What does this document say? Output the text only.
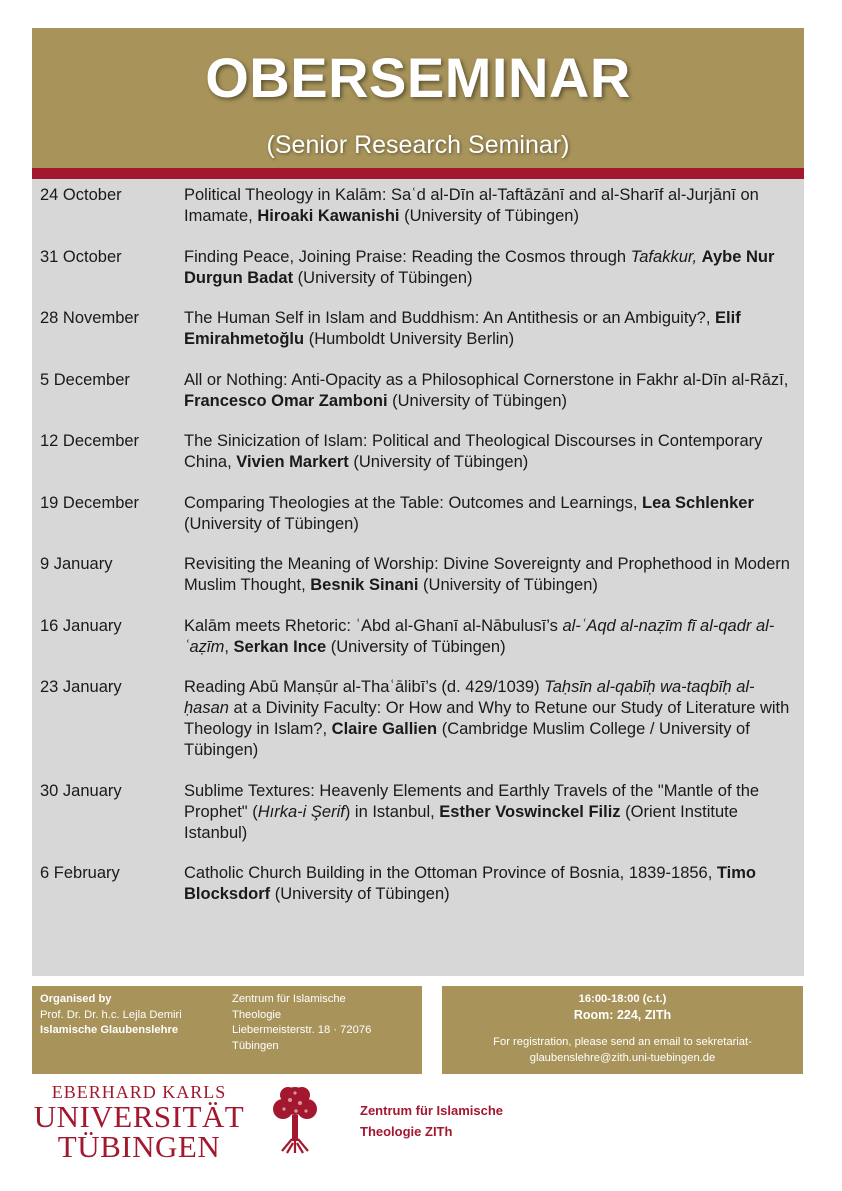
OBERSEMINAR
(Senior Research Seminar)
24 October	Political Theology in Kalām: Saʿd al-Dīn al-Taftāzānī and al-Sharīf al-Jurjānī on Imamate, Hiroaki Kawanishi (University of Tübingen)
31 October	Finding Peace, Joining Praise: Reading the Cosmos through Tafakkur, Aybe Nur Durgun Badat (University of Tübingen)
28 November	The Human Self in Islam and Buddhism: An Antithesis or an Ambiguity?, Elif Emirahmetoğlu (Humboldt University Berlin)
5 December	All or Nothing: Anti-Opacity as a Philosophical Cornerstone in Fakhr al-Dīn al-Rāzī, Francesco Omar Zamboni (University of Tübingen)
12 December	The Sinicization of Islam: Political and Theological Discourses in Contemporary China, Vivien Markert (University of Tübingen)
19 December	Comparing Theologies at the Table: Outcomes and Learnings, Lea Schlenker (University of Tübingen)
9 January	Revisiting the Meaning of Worship: Divine Sovereignty and Prophethood in Modern Muslim Thought, Besnik Sinani (University of Tübingen)
16 January	Kalām meets Rhetoric: ʿAbd al-Ghanī al-Nābulusī’s al-ʿAqd al-naẓīm fī al-qadr al-ʿaẓīm, Serkan Ince (University of Tübingen)
23 January	Reading Abū Manṣūr al-Thaʿālibī’s (d. 429/1039) Taḥsīn al-qabīḥ wa-taqbīḥ al-ḥasan at a Divinity Faculty: Or How and Why to Retune our Study of Literature with Theology in Islam?, Claire Gallien (Cambridge Muslim College / University of Tübingen)
30 January	Sublime Textures: Heavenly Elements and Earthly Travels of the "Mantle of the Prophet" (Hırka-i Şerif) in Istanbul, Esther Voswinckel Filiz (Orient Institute Istanbul)
6 February	Catholic Church Building in the Ottoman Province of Bosnia, 1839-1856, Timo Blocksdorf (University of Tübingen)
Organised by
Prof. Dr. Dr. h.c. Lejla Demiri
Islamische Glaubenslehre
Zentrum für Islamische
Theologie
Liebermeisterstr. 18 · 72076
Tübingen
16:00-18:00 (c.t.)
Room: 224, ZITh
For registration, please send an email to sekretariat-glaubenslehre@zith.uni-tuebingen.de
EBERHARD KARLS
UNIVERSITÄT
TÜBINGEN
Zentrum für Islamische
Theologie ZITh
